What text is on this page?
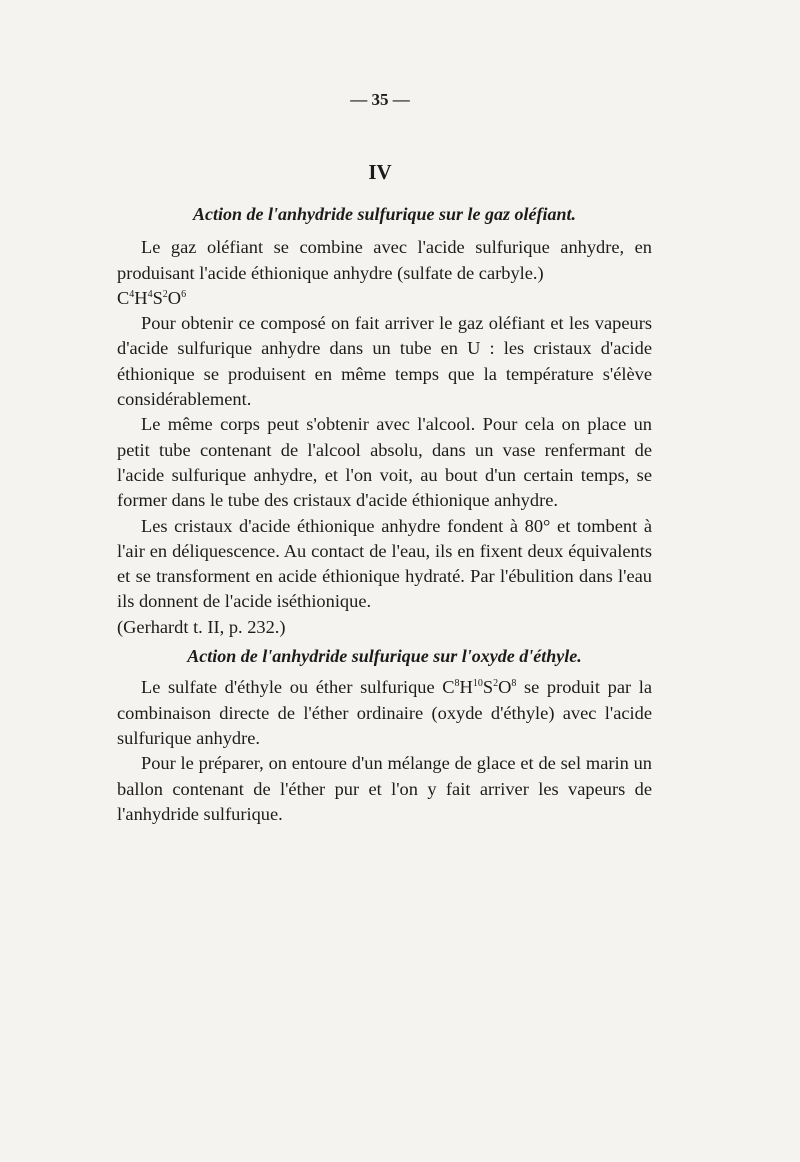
— 35 —
IV
Action de l'anhydride sulfurique sur le gaz oléfiant.

Le gaz oléfiant se combine avec l'acide sulfurique anhydre, en produisant l'acide éthionique anhydre (sulfate de carbyle.)

$C^4H^4S^2O^6$

Pour obtenir ce composé on fait arriver le gaz oléfiant et les vapeurs d'acide sulfurique anhydre dans un tube en U : les cristaux d'acide éthionique se produisent en même temps que la température s'élève considérablement.

Le même corps peut s'obtenir avec l'alcool. Pour cela on place un petit tube contenant de l'alcool absolu, dans un vase renfermant de l'acide sulfurique anhydre, et l'on voit, au bout d'un certain temps, se former dans le tube des cristaux d'acide éthionique anhydre.

Les cristaux d'acide éthionique anhydre fondent à 80° et tombent à l'air en déliquescence. Au contact de l'eau, ils en fixent deux équivalents et se transforment en acide éthionique hydraté. Par l'ébulition dans l'eau ils donnent de l'acide iséthionique.

(Gerhardt t. II, p. 232.)

Action de l'anhydride sulfurique sur l'oxyde d'éthyle.

Le sulfate d'éthyle ou éther sulfurique $C^8H^{10}S^2O^8$ se produit par la combinaison directe de l'éther ordinaire (oxyde d'éthyle) avec l'acide sulfurique anhydre.

Pour le préparer, on entoure d'un mélange de glace et de sel marin un ballon contenant de l'éther pur et l'on y fait arriver les vapeurs de l'anhydride sulfurique.
